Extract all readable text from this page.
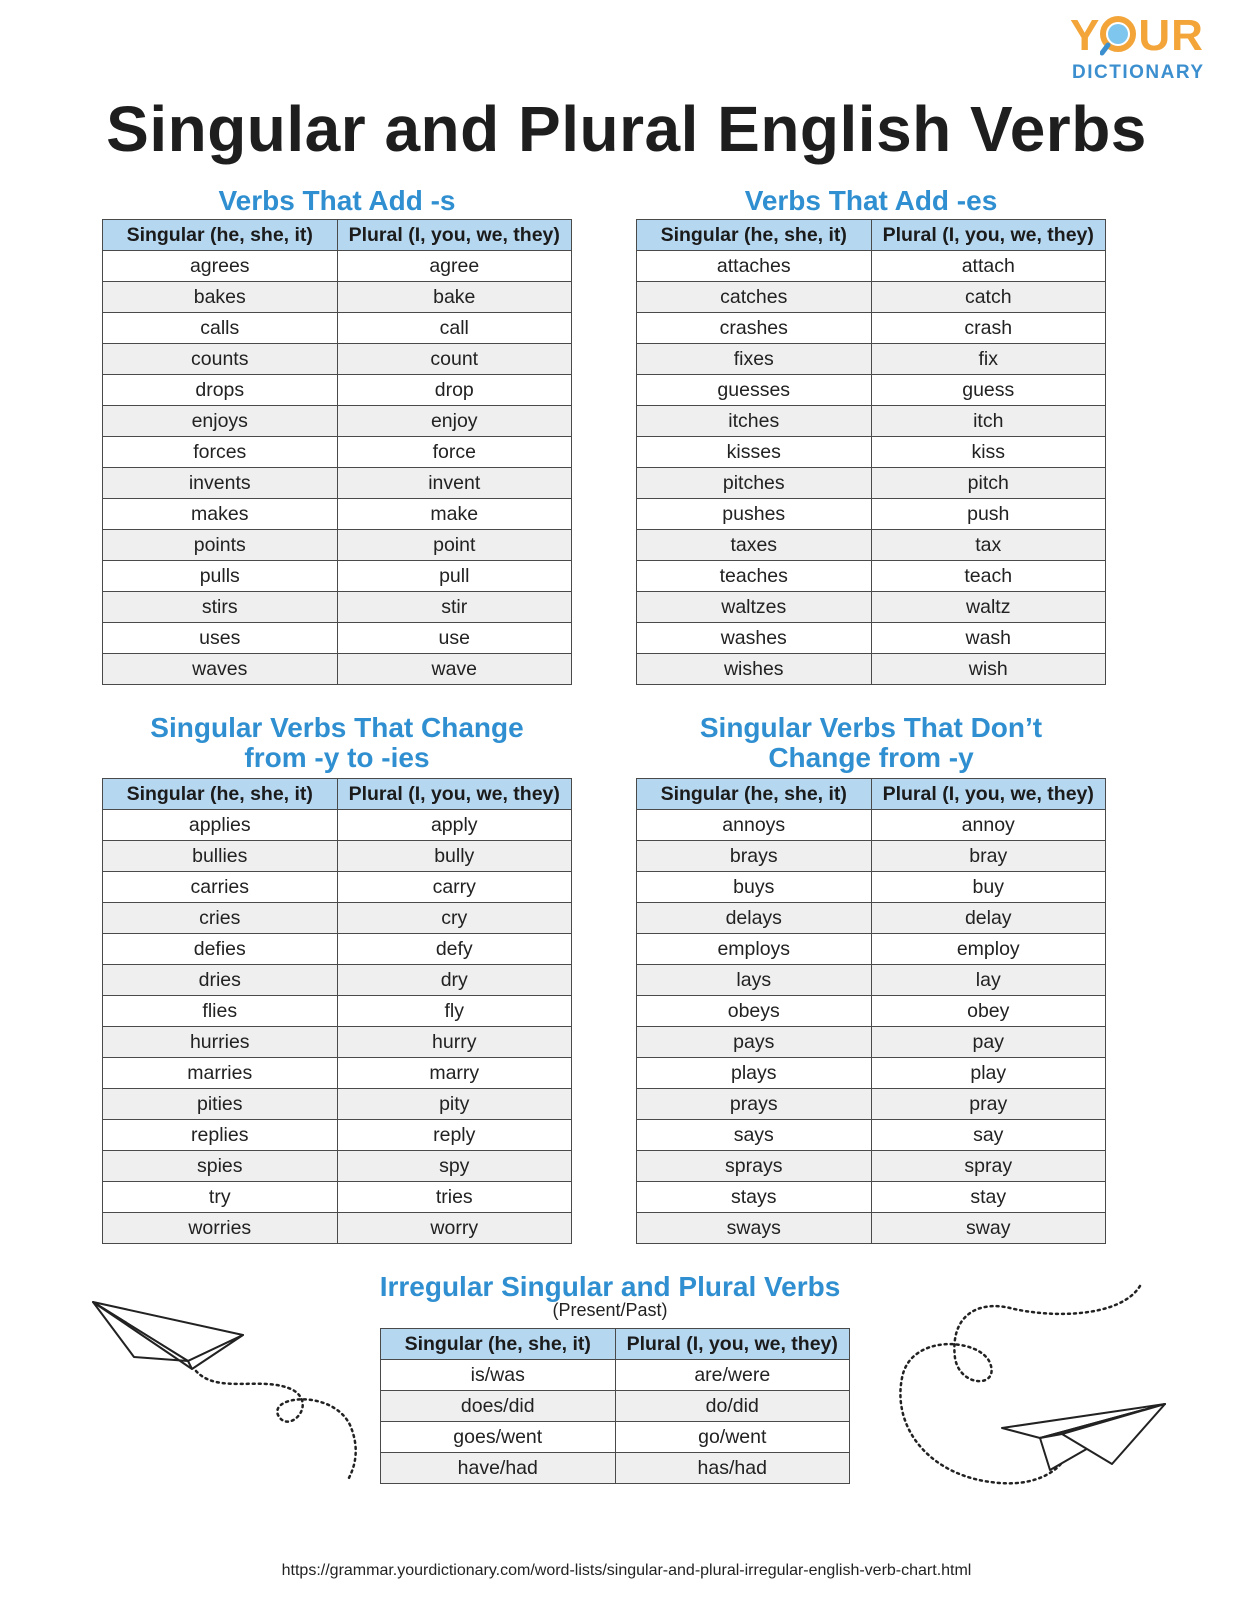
Y UR
DICTIONARY
Singular and Plural English Verbs
Verbs That Add -s
Singular (he, she, it)	Plural (I, you, we, they)
agrees	agree
bakes	bake
calls	call
counts	count
drops	drop
enjoys	enjoy
forces	force
invents	invent
makes	make
points	point
pulls	pull
stirs	stir
uses	use
waves	wave
Verbs That Add -es
Singular (he, she, it)	Plural (I, you, we, they)
attaches	attach
catches	catch
crashes	crash
fixes	fix
guesses	guess
itches	itch
kisses	kiss
pitches	pitch
pushes	push
taxes	tax
teaches	teach
waltzes	waltz
washes	wash
wishes	wish
Singular Verbs That Change
from -y to -ies
Singular (he, she, it)	Plural (I, you, we, they)
applies	apply
bullies	bully
carries	carry
cries	cry
defies	defy
dries	dry
flies	fly
hurries	hurry
marries	marry
pities	pity
replies	reply
spies	spy
try	tries
worries	worry
Singular Verbs That Don’t
Change from -y
Singular (he, she, it)	Plural (I, you, we, they)
annoys	annoy
brays	bray
buys	buy
delays	delay
employs	employ
lays	lay
obeys	obey
pays	pay
plays	play
prays	pray
says	say
sprays	spray
stays	stay
sways	sway
Irregular Singular and Plural Verbs
(Present/Past)
Singular (he, she, it)	Plural (I, you, we, they)
is/was	are/were
does/did	do/did
goes/went	go/went
have/had	has/had
https://grammar.yourdictionary.com/word-lists/singular-and-plural-irregular-english-verb-chart.html
